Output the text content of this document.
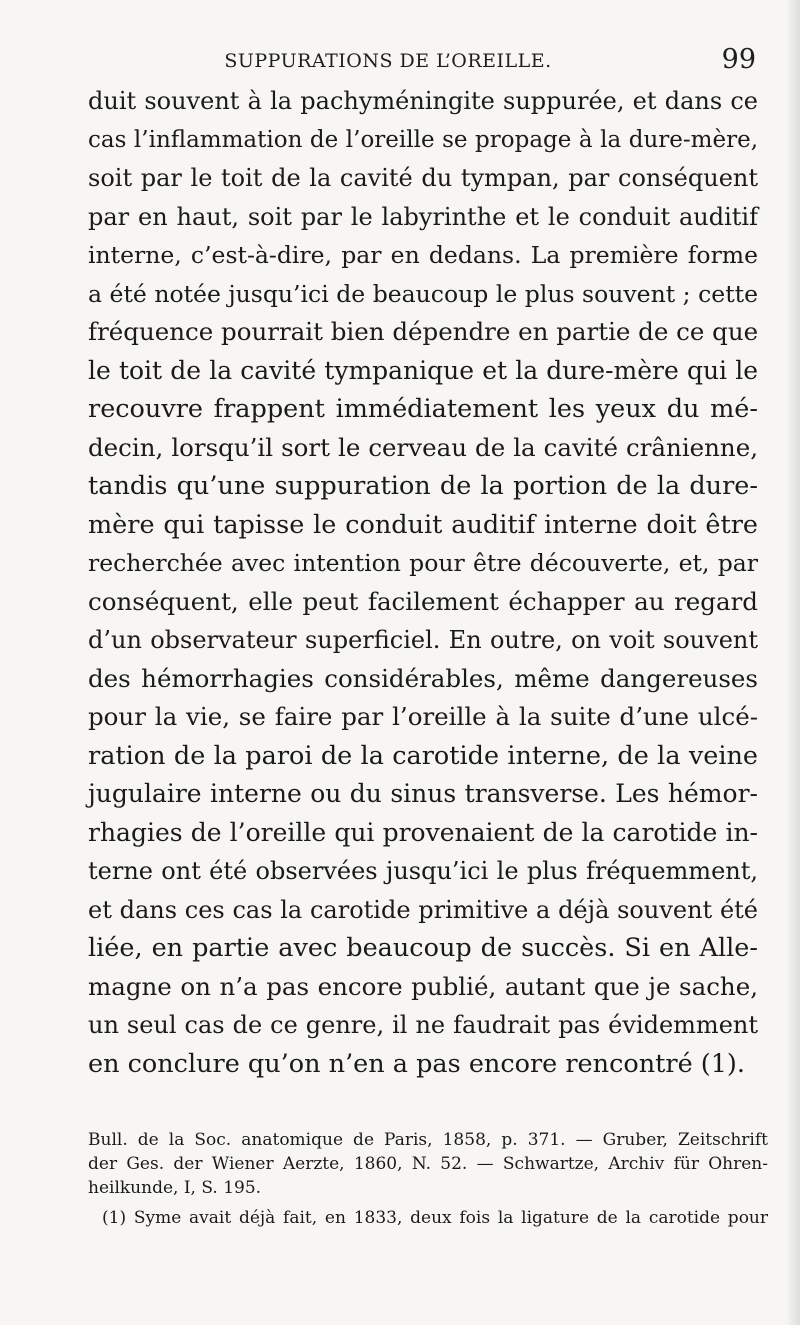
SUPPURATIONS DE L’OREILLE.	99
duit souvent à la pachyméningite suppurée, et dans ce
cas l’inflammation de l’oreille se propage à la dure-mère,
soit par le toit de la cavité du tympan, par conséquent
par en haut, soit par le labyrinthe et le conduit auditif
interne, c’est-à-dire, par en dedans. La première forme
a été notée jusqu’ici de beaucoup le plus souvent ; cette
fréquence pourrait bien dépendre en partie de ce que
le toit de la cavité tympanique et la dure-mère qui le
recouvre frappent immédiatement les yeux du mé-
decin, lorsqu’il sort le cerveau de la cavité crânienne,
tandis qu’une suppuration de la portion de la dure-
mère qui tapisse le conduit auditif interne doit être
recherchée avec intention pour être découverte, et, par
conséquent, elle peut facilement échapper au regard
d’un observateur superficiel. En outre, on voit souvent
des hémorrhagies considérables, même dangereuses
pour la vie, se faire par l’oreille à la suite d’une ulcé-
ration de la paroi de la carotide interne, de la veine
jugulaire interne ou du sinus transverse. Les hémor-
rhagies de l’oreille qui provenaient de la carotide in-
terne ont été observées jusqu’ici le plus fréquemment,
et dans ces cas la carotide primitive a déjà souvent été
liée, en partie avec beaucoup de succès. Si en Alle-
magne on n’a pas encore publié, autant que je sache,
un seul cas de ce genre, il ne faudrait pas évidemment
en conclure qu’on n’en a pas encore rencontré (1).
Bull. de la Soc. anatomique de Paris, 1858, p. 371. — Gruber, Zeitschrift
der Ges. der Wiener Aerzte, 1860, N. 52. — Schwartze, Archiv für Ohren-
heilkunde, I, S. 195.
(1) Syme avait déjà fait, en 1833, deux fois la ligature de la carotide pour
